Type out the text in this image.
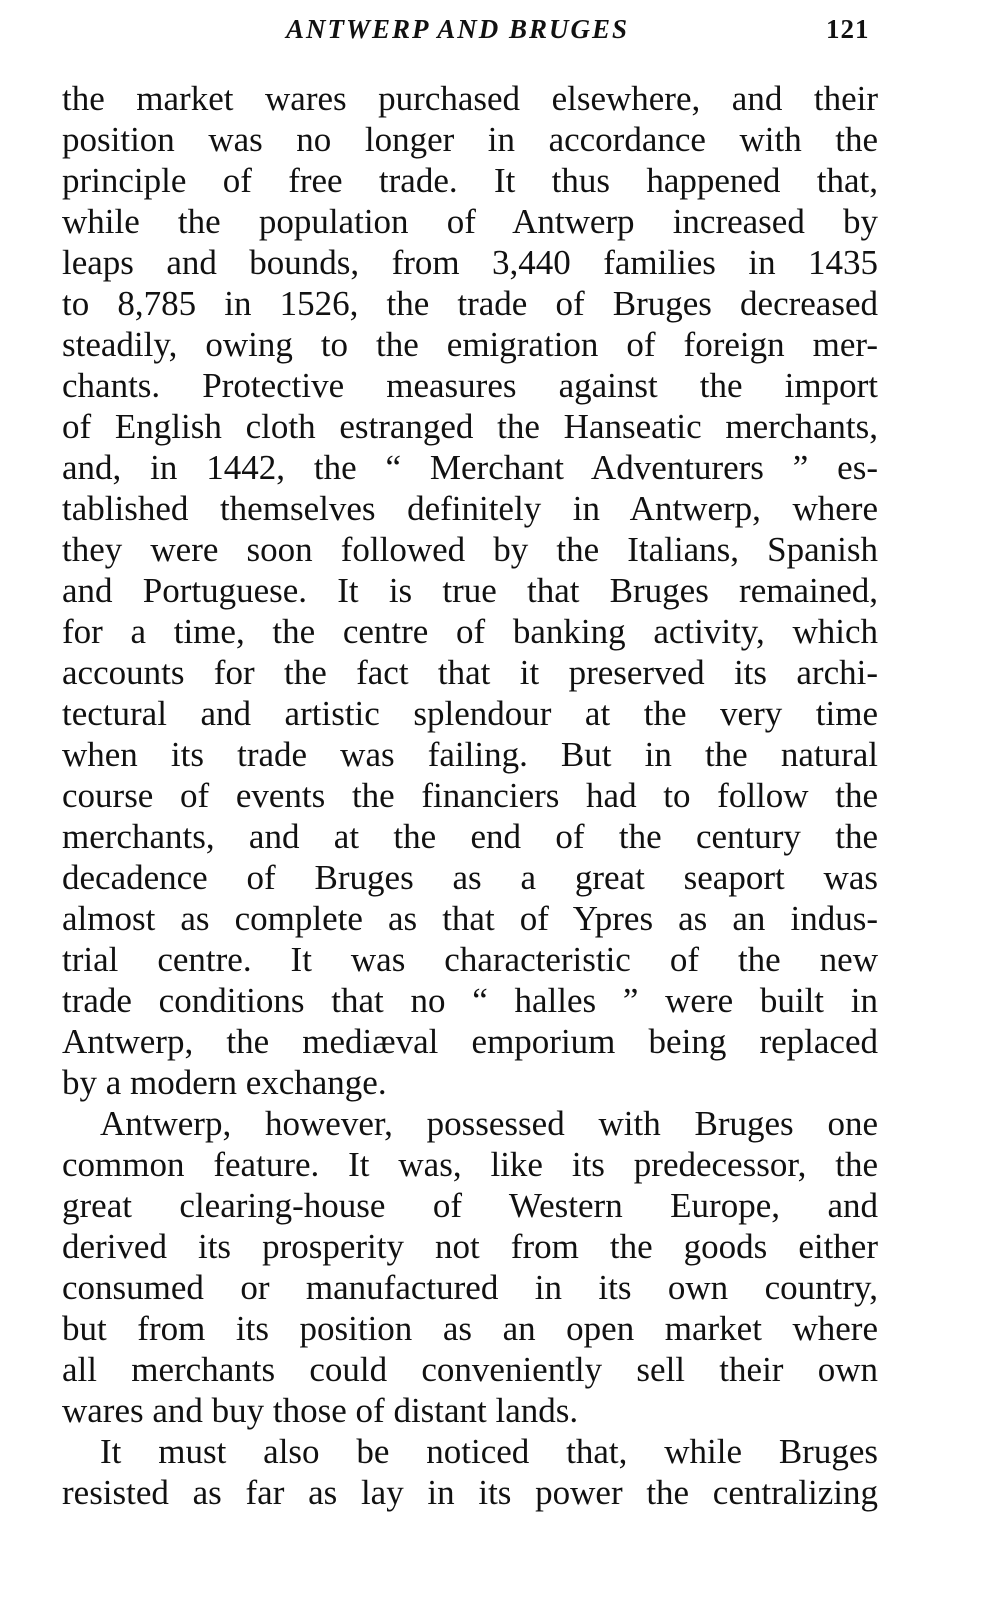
ANTWERP AND BRUGES	121
the market wares purchased elsewhere, and their
position was no longer in accordance with the
principle of free trade. It thus happened that,
while the population of Antwerp increased by
leaps and bounds, from 3,440 families in 1435
to 8,785 in 1526, the trade of Bruges decreased
steadily, owing to the emigration of foreign mer-
chants. Protective measures against the import
of English cloth estranged the Hanseatic merchants,
and, in 1442, the “ Merchant Adventurers ” es-
tablished themselves definitely in Antwerp, where
they were soon followed by the Italians, Spanish
and Portuguese. It is true that Bruges remained,
for a time, the centre of banking activity, which
accounts for the fact that it preserved its archi-
tectural and artistic splendour at the very time
when its trade was failing. But in the natural
course of events the financiers had to follow the
merchants, and at the end of the century the
decadence of Bruges as a great seaport was
almost as complete as that of Ypres as an indus-
trial centre. It was characteristic of the new
trade conditions that no “ halles ” were built in
Antwerp, the mediæval emporium being replaced
by a modern exchange.
Antwerp, however, possessed with Bruges one
common feature. It was, like its predecessor, the
great clearing-house of Western Europe, and
derived its prosperity not from the goods either
consumed or manufactured in its own country,
but from its position as an open market where
all merchants could conveniently sell their own
wares and buy those of distant lands.
It must also be noticed that, while Bruges
resisted as far as lay in its power the centralizing
